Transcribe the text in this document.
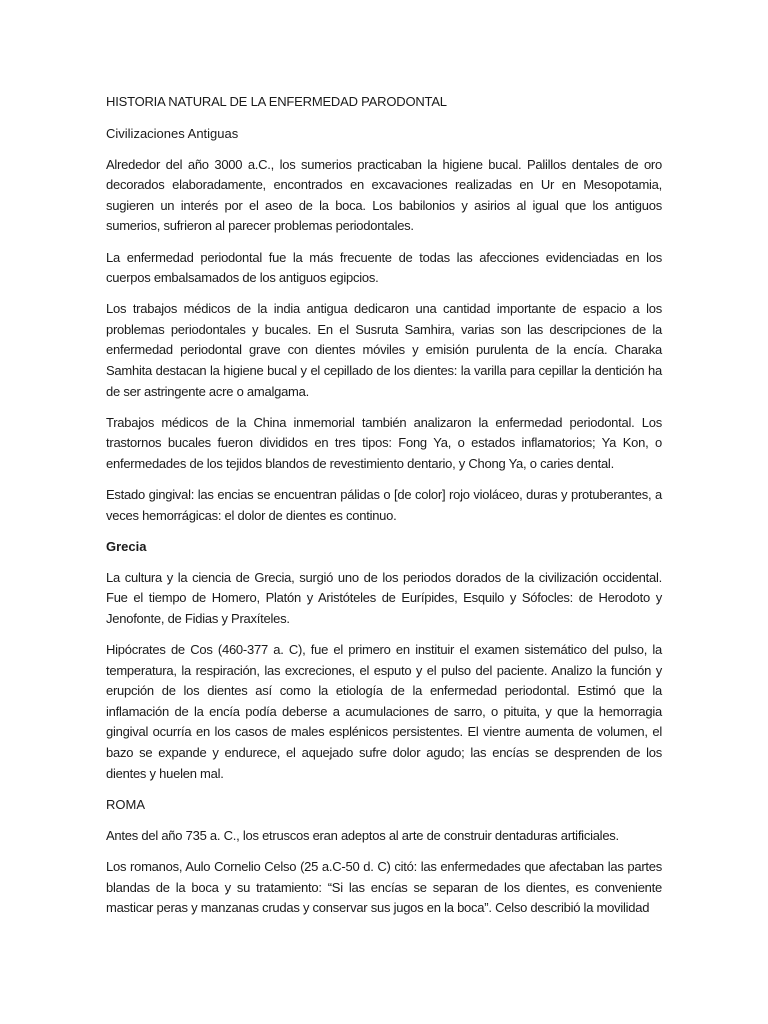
HISTORIA NATURAL DE LA ENFERMEDAD PARODONTAL

Civilizaciones Antiguas

Alrededor del año 3000 a.C., los sumerios practicaban la higiene bucal. Palillos dentales de oro decorados elaboradamente, encontrados en excavaciones realizadas en Ur en Mesopotamia, sugieren un interés por el aseo de la boca. Los babilonios y asirios al igual que los antiguos sumerios, sufrieron al parecer problemas periodontales.

La enfermedad periodontal fue la más frecuente de todas las afecciones evidenciadas en los cuerpos embalsamados de los antiguos egipcios.

Los trabajos médicos de la india antigua dedicaron una cantidad importante de espacio a los problemas periodontales y bucales. En el Susruta Samhira, varias son las descripciones de la enfermedad periodontal grave con dientes móviles y emisión purulenta de la encía. Charaka Samhita destacan la higiene bucal y el cepillado de los dientes: la varilla para cepillar la dentición ha de ser astringente acre o amalgama.

Trabajos médicos de la China inmemorial también analizaron la enfermedad periodontal. Los trastornos bucales fueron divididos en tres tipos: Fong Ya, o estados inflamatorios; Ya Kon, o enfermedades de los tejidos blandos de revestimiento dentario, y Chong Ya, o caries dental.

Estado gingival: las encias se encuentran pálidas o [de color] rojo violáceo, duras y protuberantes, a veces hemorrágicas: el dolor de dientes es continuo.

Grecia

La cultura y la ciencia de Grecia, surgió uno de los periodos dorados de la civilización occidental. Fue el tiempo de Homero, Platón y Aristóteles de Eurípides, Esquilo y Sófocles: de Herodoto y Jenofonte, de Fidias y Praxíteles.

Hipócrates de Cos (460-377 a. C), fue el primero en instituir el examen sistemático del pulso, la temperatura, la respiración, las excreciones, el esputo y el pulso del paciente. Analizo la función y erupción de los dientes así como la etiología de la enfermedad periodontal. Estimó que la inflamación de la encía podía deberse a acumulaciones de sarro, o pituita, y que la hemorragia gingival ocurría en los casos de males esplénicos persistentes. El vientre aumenta de volumen, el bazo se expande y endurece, el aquejado sufre dolor agudo; las encías se desprenden de los dientes y huelen mal.

ROMA

Antes del año 735 a. C., los etruscos eran adeptos al arte de construir dentaduras artificiales.

Los romanos, Aulo Cornelio Celso (25 a.C-50 d. C) citó: las enfermedades que afectaban las partes blandas de la boca y su tratamiento: “Si las encías se separan de los dientes, es conveniente masticar peras y manzanas crudas y conservar sus jugos en la boca”. Celso describió la movilidad
